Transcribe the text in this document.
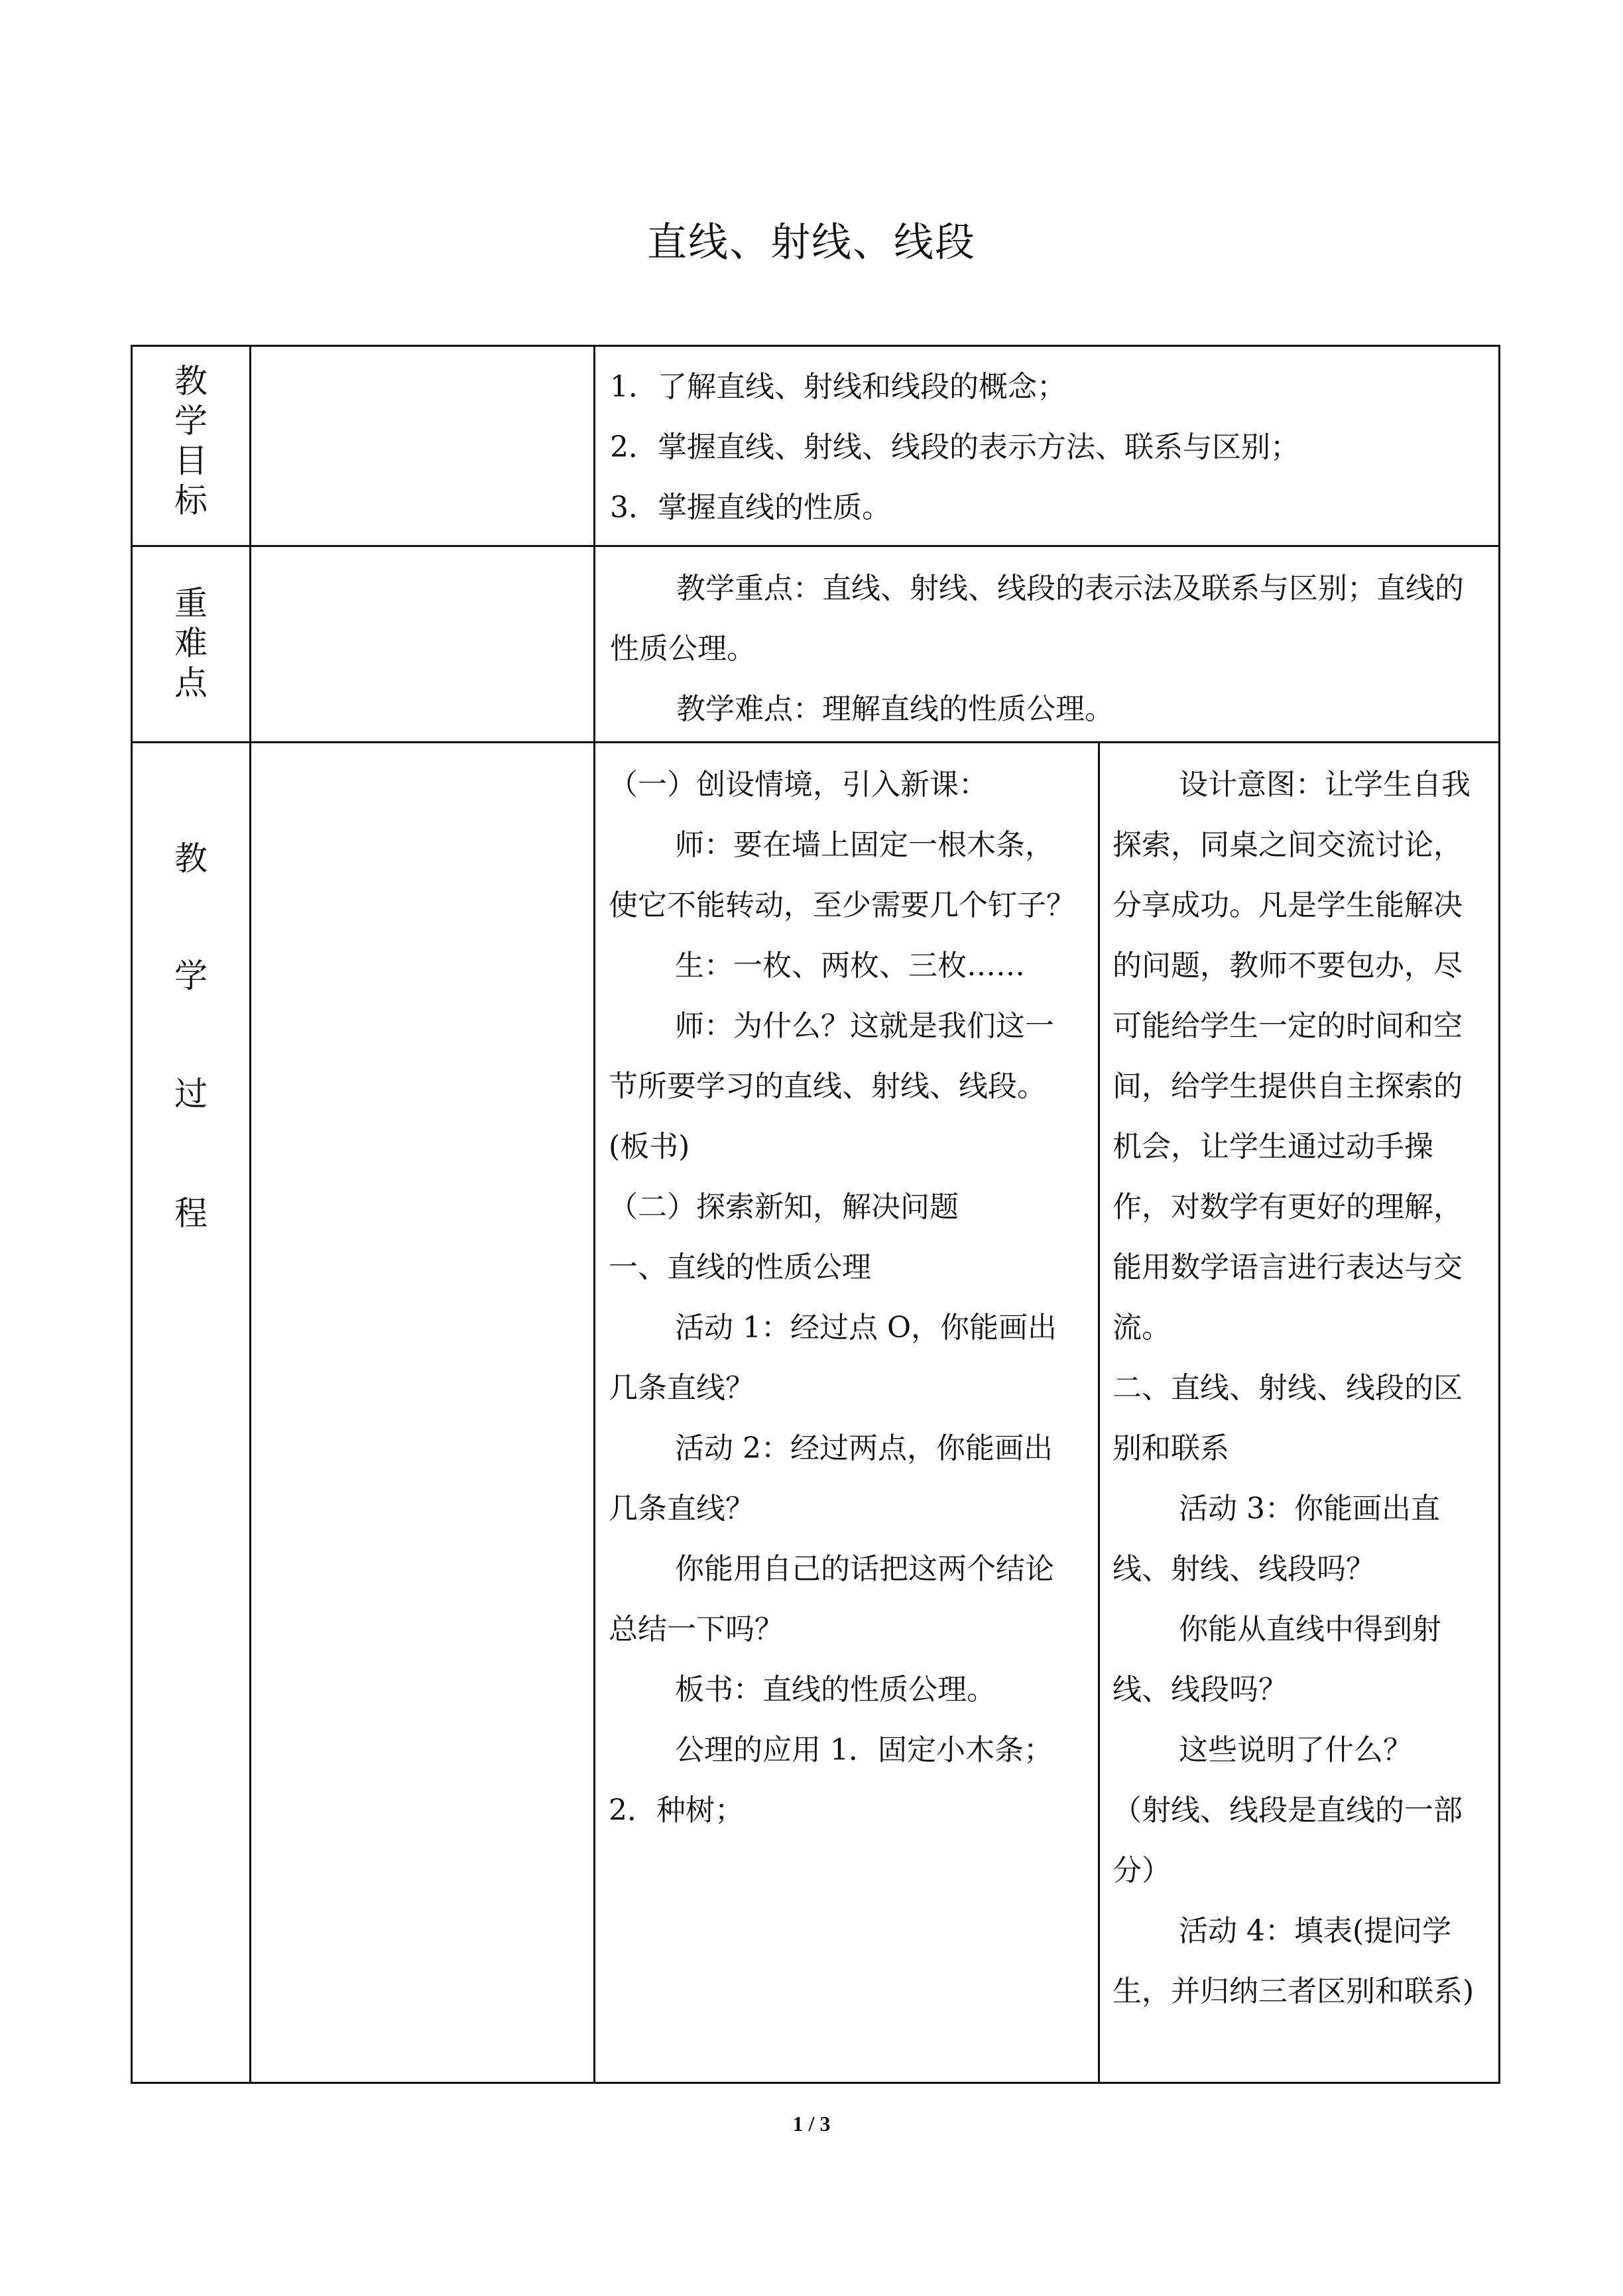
直线、射线、线段
教
学
目
标

1．了解直线、射线和线段的概念；

2．掌握直线、射线、线段的表示方法、联系与区别；

3．掌握直线的性质。

重
难
点

教学重点：直线、射线、线段的表示法及联系与区别；直线的性质公理。

教学难点：理解直线的性质公理。

教
学
过
程

（一）创设情境，引入新课：

师：要在墙上固定一根木条，使它不能转动，至少需要几个钉子？

生：一枚、两枚、三枚……

师：为什么？这就是我们这一节所要学习的直线、射线、线段。(板书)

（二）探索新知，解决问题

一、直线的性质公理

活动 1：经过点 O，你能画出几条直线？

活动 2：经过两点，你能画出几条直线？

你能用自己的话把这两个结论总结一下吗？

板书：直线的性质公理。

公理的应用 1．固定小木条；2．种树；

设计意图：让学生自我探索，同桌之间交流讨论，分享成功。凡是学生能解决的问题，教师不要包办，尽可能给学生一定的时间和空间，给学生提供自主探索的机会，让学生通过动手操作，对数学有更好的理解，能用数学语言进行表达与交流。

二、直线、射线、线段的区别和联系

活动 3：你能画出直线、射线、线段吗？

你能从直线中得到射线、线段吗？

这些说明了什么？

（射线、线段是直线的一部分）

活动 4：填表(提问学生，并归纳三者区别和联系)

1 / 3
